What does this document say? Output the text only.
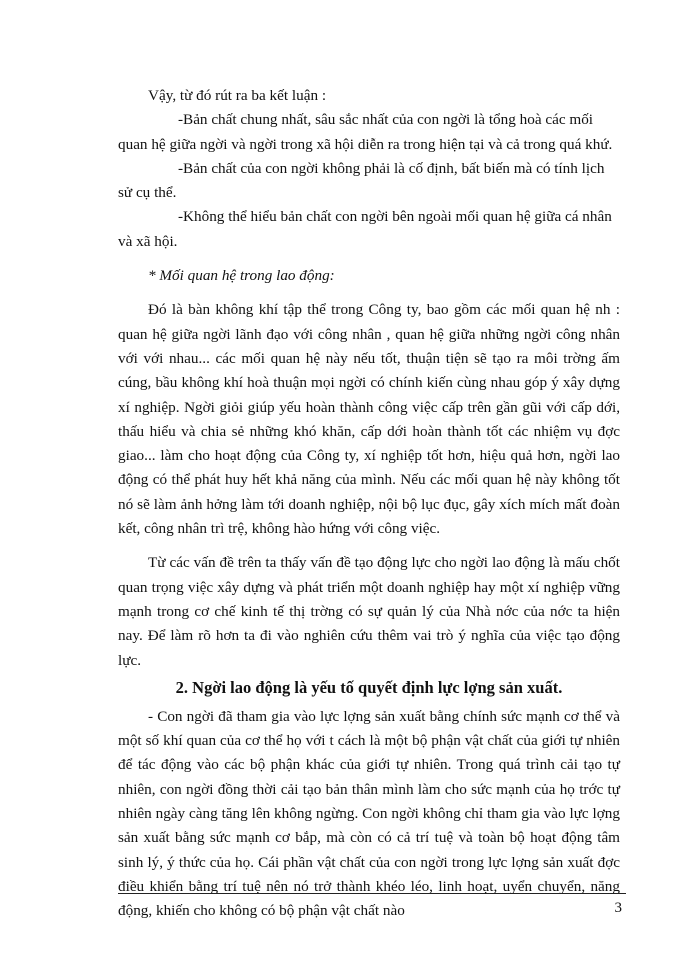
Vậy, từ đó rút ra ba kết luận :

-Bản chất chung nhất, sâu sắc nhất của con ngời là tổng hoà các mối quan hệ giữa ngời và ngời trong xã hội diễn ra trong hiện tại và cả trong quá khứ.

-Bản chất của con ngời không phải là cố định, bất biến mà có tính lịch sử cụ thể.

-Không thể hiểu bản chất con ngời bên ngoài mối quan hệ giữa cá nhân và xã hội.

* Mối quan hệ trong lao động:

Đó là bàn không khí tập thể trong Công ty, bao gồm các mối quan hệ nh : quan hệ giữa ngời lãnh đạo với công nhân , quan hệ giữa những ngời công nhân với với nhau... các mối quan hệ này nếu tốt, thuận tiện sẽ tạo ra môi trờng ấm cúng, bầu không khí hoà thuận mọi ngời có chính kiến cùng nhau góp ý xây dựng xí nghiệp. Ngời giỏi giúp yếu hoàn thành công việc cấp trên gần gũi với cấp dới, thấu hiểu và chia sẻ những khó khăn, cấp dới hoàn thành tốt các nhiệm vụ đợc giao... làm cho hoạt động của Công ty, xí nghiệp tốt hơn, hiệu quả hơn, ngời lao động có thể phát huy hết khả năng của mình. Nếu các mối quan hệ này không tốt nó sẽ làm ảnh hởng làm tới doanh nghiệp, nội bộ lục đục, gây xích mích mất đoàn kết, công nhân trì trệ, không hào hứng với công việc.

Từ các vấn đề trên ta thấy vấn đề tạo động lực cho ngời lao động là mấu chốt quan trọng việc xây dựng và phát triển một doanh nghiệp hay một xí nghiệp vững mạnh trong cơ chế kinh tế thị trờng có sự quản lý của Nhà nớc của nớc ta hiện nay. Để làm rõ hơn ta đi vào nghiên cứu thêm vai trò ý nghĩa của việc tạo động lực.

2. Ngời lao động là yếu tố quyết định lực lợng sản xuất.

- Con ngời đã tham gia vào lực lợng sản xuất bằng chính sức mạnh cơ thể và một số khí quan của cơ thể họ với t cách là một bộ phận vật chất của giới tự nhiên để tác động vào các bộ phận khác của giới tự nhiên. Trong quá trình cải tạo tự nhiên, con ngời đồng thời cải tạo bản thân mình làm cho sức mạnh của họ trớc tự nhiên ngày càng tăng lên không ngừng. Con ngời không chỉ tham gia vào lực lợng sản xuất bằng sức mạnh cơ bắp, mà còn có cả trí tuệ và toàn bộ hoạt động tâm sinh lý, ý thức của họ. Cái phần vật chất của con ngời trong lực lợng sản xuất đợc điều khiển bằng trí tuệ nên nó trở thành khéo léo, linh hoạt, uyển chuyển, năng động, khiến cho không có bộ phận vật chất nào	3
